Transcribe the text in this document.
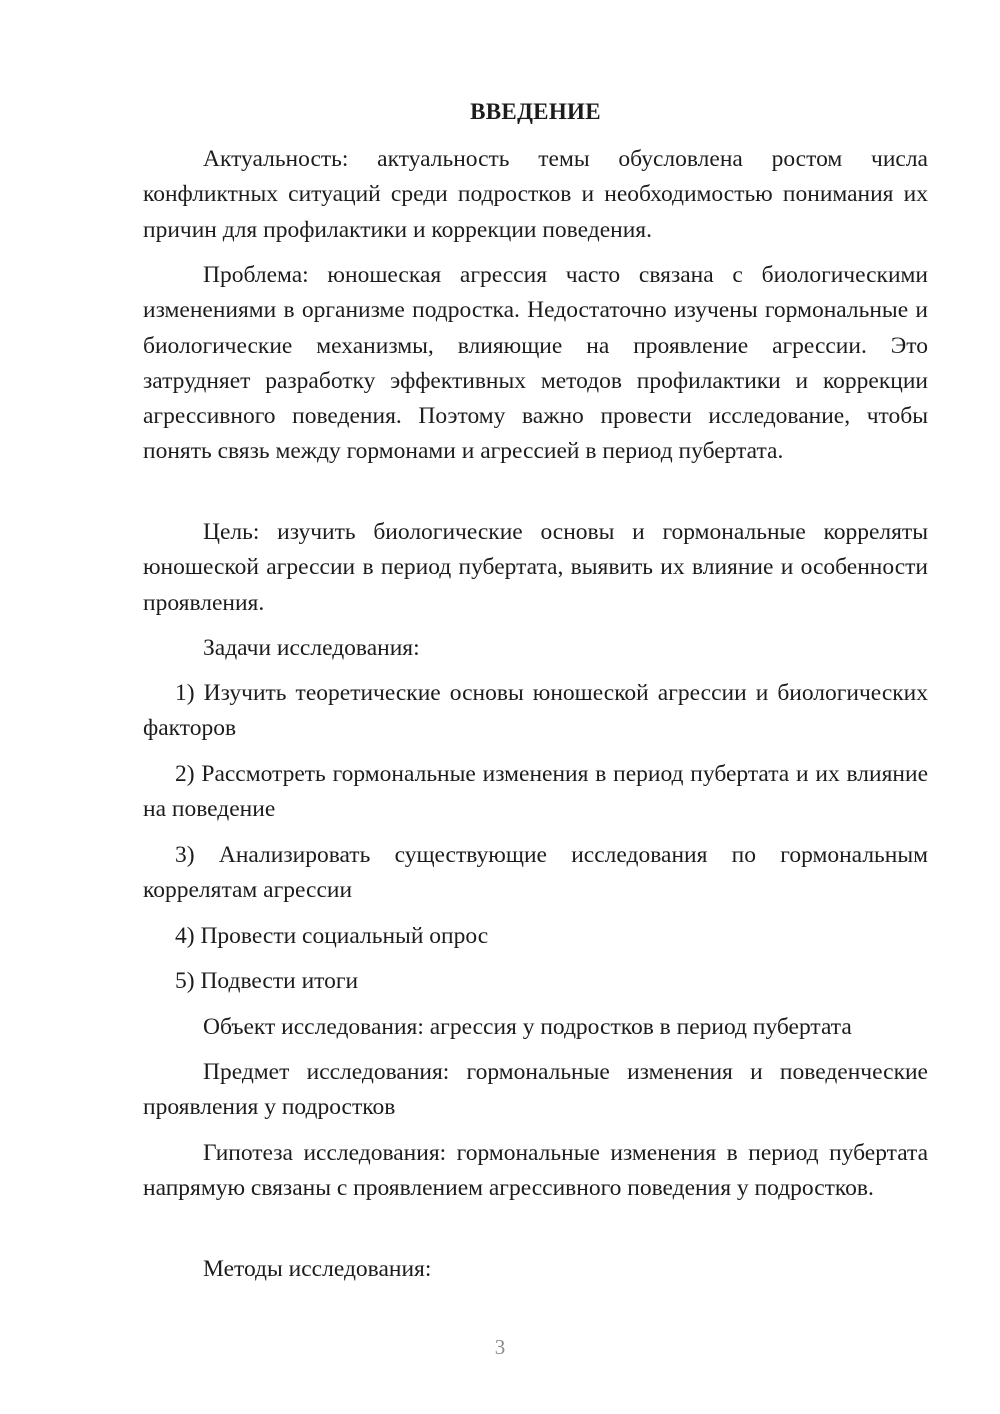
ВВЕДЕНИЕ

Актуальность: актуальность темы обусловлена ростом числа конфликтных ситуаций среди подростков и необходимостью понимания их причин для профилактики и коррекции поведения.

Проблема: юношеская агрессия часто связана с биологическими изменениями в организме подростка. Недостаточно изучены гормональные и биологические механизмы, влияющие на проявление агрессии. Это затрудняет разработку эффективных методов профилактики и коррекции агрессивного поведения. Поэтому важно провести исследование, чтобы понять связь между гормонами и агрессией в период пубертата.

Цель: изучить биологические основы и гормональные корреляты юношеской агрессии в период пубертата, выявить их влияние и особенности проявления.

Задачи исследования:

1) Изучить теоретические основы юношеской агрессии и биологических факторов

2) Рассмотреть гормональные изменения в период пубертата и их влияние на поведение

3) Анализировать существующие исследования по гормональным коррелятам агрессии

4) Провести социальный опрос

5) Подвести итоги

Объект исследования: агрессия у подростков в период пубертата

Предмет исследования: гормональные изменения и поведенческие проявления у подростков

Гипотеза исследования: гормональные изменения в период пубертата напрямую связаны с проявлением агрессивного поведения у подростков.

Методы исследования:

3
